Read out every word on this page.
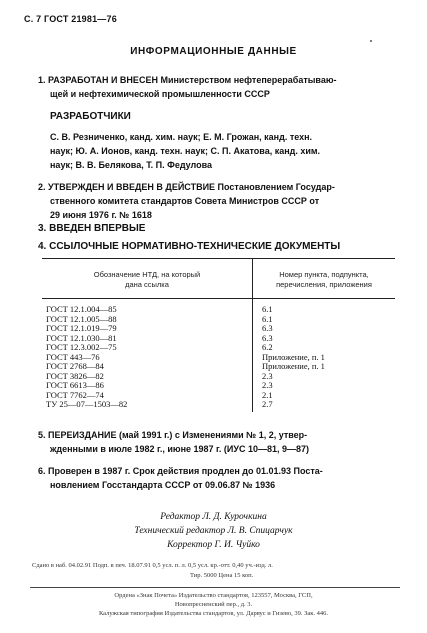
С. 7 ГОСТ 21981—76
ИНФОРМАЦИОННЫЕ ДАННЫЕ
1. РАЗРАБОТАН И ВНЕСЕН Министерством нефтеперерабатываю-
щей и нефтехимической промышленности СССР
РАЗРАБОТЧИКИ
С. В. Резниченко, канд. хим. наук; Е. М. Грожан, канд. техн.
наук; Ю. А. Ионов, канд. техн. наук; С. П. Акатова, канд. хим.
наук; В. В. Белякова, Т. П. Федулова
2. УТВЕРЖДЕН И ВВЕДЕН В ДЕЙСТВИЕ Постановлением Государ-
ственного комитета стандартов Совета Министров СССР от
29 июня 1976 г. № 1618
3. ВВЕДЕН ВПЕРВЫЕ
4. ССЫЛОЧНЫЕ НОРМАТИВНО-ТЕХНИЧЕСКИЕ ДОКУМЕНТЫ
Обозначение НТД, на который
дана ссылка
Номер пункта, подпункта,
перечисления, приложения
ГОСТ 12.1.004—85	6.1
ГОСТ 12.1.005—88	6.1
ГОСТ 12.1.019—79	6.3
ГОСТ 12.1.030—81	6.3
ГОСТ 12.3.002—75	6.2
ГОСТ 443—76	Приложение, п. 1
ГОСТ 2768—84	Приложение, п. 1
ГОСТ 3826—82	2.3
ГОСТ 6613—86	2.3
ГОСТ 7762—74	2.1
ТУ 25—07—1503—82	2.7
5. ПЕРЕИЗДАНИЕ (май 1991 г.) с Изменениями № 1, 2, утвер-
жденными в июле 1982 г., июне 1987 г. (ИУС 10—81, 9—87)
6. Проверен в 1987 г. Срок действия продлен до 01.01.93 Поста-
новлением Госстандарта СССР от 09.06.87 № 1936
Редактор Л. Д. Курочкина
Технический редактор Л. В. Спицарчук
Корректор Г. И. Чуйко
Сдано в наб. 04.02.91 Подп. в печ. 18.07.91 0,5 усл. п. л. 0,5 усл. кр.-отт. 0,40 уч.-изд. л.
Тир. 5000 Цена 15 коп.
Ордена «Знак Почета» Издательство стандартов, 123557, Москва, ГСП,
Новопресненский пер., д. 3.
Калужская типография Издательства стандартов, ул. Дарвус и Гизево, 39. Зак. 446.
